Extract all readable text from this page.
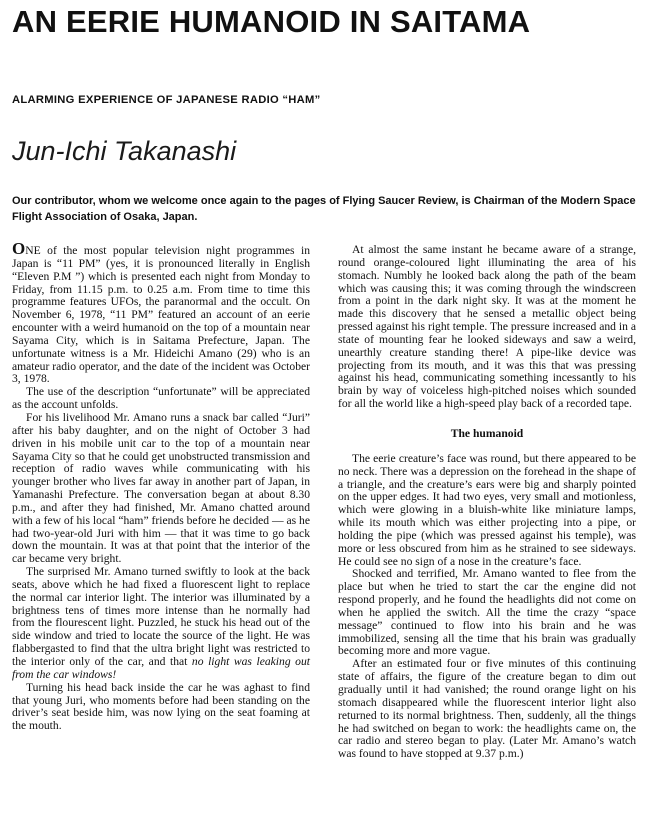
AN EERIE HUMANOID IN SAITAMA
ALARMING EXPERIENCE OF JAPANESE RADIO “HAM”
Jun-Ichi Takanashi
Our contributor, whom we welcome once again to the pages of Flying Saucer Review, is Chairman of the Modern Space Flight Association of Osaka, Japan.

ONE of the most popular television night programmes in Japan is “11 PM” (yes, it is pronounced literally in English “Eleven P.M ”) which is presented each night from Monday to Friday, from 11.15 p.m. to 0.25 a.m. From time to time this programme features UFOs, the paranormal and the occult. On November 6, 1978, “11 PM” featured an account of an eerie encounter with a weird humanoid on the top of a mountain near Sayama City, which is in Saitama Prefecture, Japan. The unfortunate witness is a Mr. Hideichi Amano (29) who is an amateur radio operator, and the date of the incident was October 3, 1978.

The use of the description “unfortunate” will be appreciated as the account unfolds.

For his livelihood Mr. Amano runs a snack bar called “Juri” after his baby daughter, and on the night of October 3 had driven in his mobile unit car to the top of a mountain near Sayama City so that he could get unobstructed transmission and reception of radio waves while communicating with his younger brother who lives far away in another part of Japan, in Yamanashi Prefecture. The conversation began at about 8.30 p.m., and after they had finished, Mr. Amano chatted around with a few of his local “ham” friends before he decided — as he had two-year-old Juri with him — that it was time to go back down the mountain. It was at that point that the interior of the car became very bright.

The surprised Mr. Amano turned swiftly to look at the back seats, above which he had fixed a fluorescent light to replace the normal car interior light. The interior was illuminated by a brightness tens of times more intense than he normally had from the flourescent light. Puzzled, he stuck his head out of the side window and tried to locate the source of the light. He was flabbergasted to find that the ultra bright light was restricted to the interior only of the car, and that no light was leaking out from the car windows!

Turning his head back inside the car he was aghast to find that young Juri, who moments before had been standing on the driver’s seat beside him, was now lying on the seat foaming at the mouth.

At almost the same instant he became aware of a strange, round orange-coloured light illuminating the area of his stomach. Numbly he looked back along the path of the beam which was causing this; it was coming through the windscreen from a point in the dark night sky. It was at the moment he made this discovery that he sensed a metallic object being pressed against his right temple. The pressure increased and in a state of mounting fear he looked sideways and saw a weird, unearthly creature standing there! A pipe-like device was projecting from its mouth, and it was this that was pressing against his head, communicating something incessantly to his brain by way of voiceless high-pitched noises which sounded for all the world like a high-speed play back of a recorded tape.

The humanoid

The eerie creature’s face was round, but there appeared to be no neck. There was a depression on the forehead in the shape of a triangle, and the creature’s ears were big and sharply pointed on the upper edges. It had two eyes, very small and motionless, which were glowing in a bluish-white like miniature lamps, while its mouth which was either projecting into a pipe, or holding the pipe (which was pressed against his temple), was more or less obscured from him as he strained to see sideways. He could see no sign of a nose in the creature’s face.

Shocked and terrified, Mr. Amano wanted to flee from the place but when he tried to start the car the engine did not respond properly, and he found the headlights did not come on when he applied the switch. All the time the crazy “space message” continued to flow into his brain and he was immobilized, sensing all the time that his brain was gradually becoming more and more vague.

After an estimated four or five minutes of this continuing state of affairs, the figure of the creature began to dim out gradually until it had vanished; the round orange light on his stomach disappeared while the fluorescent interior light also returned to its normal brightness. Then, suddenly, all the things he had switched on began to work: the headlights came on, the car radio and stereo began to play. (Later Mr. Amano’s watch was found to have stopped at 9.37 p.m.)
